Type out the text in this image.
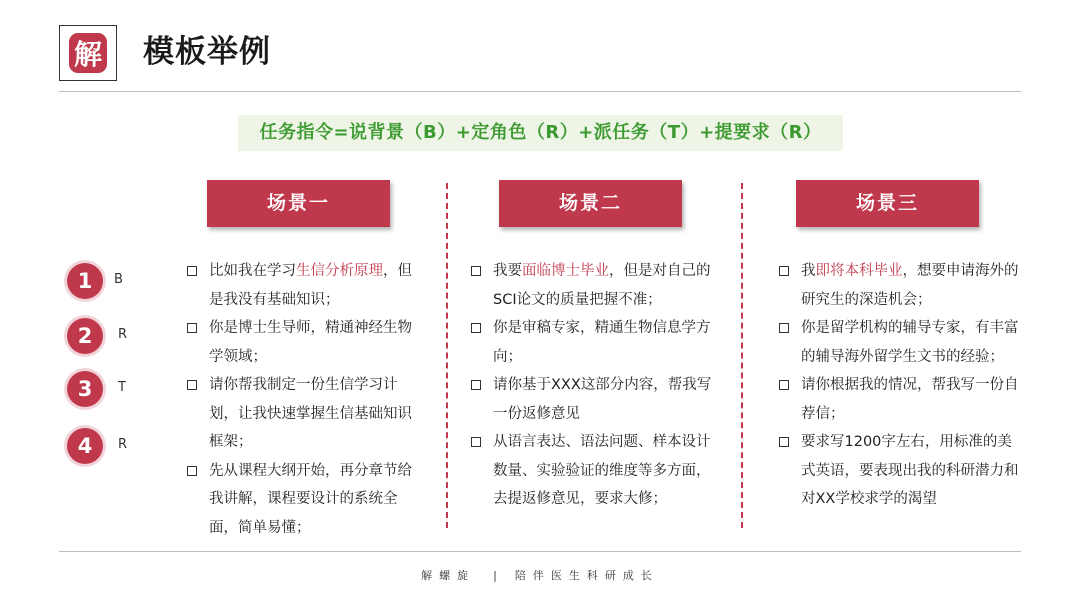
解 模板举例
任务指令=说背景（B）+定角色（R）+派任务（T）+提要求（R）
场景一	场景二	场景三
1	B
2	R
3	T
4	R
比如我在学习生信分析原理，但是我没有基础知识；
你是博士生导师，精通神经生物学领域；
请你帮我制定一份生信学习计划，让我快速掌握生信基础知识框架；
先从课程大纲开始，再分章节给我讲解，课程要设计的系统全面，简单易懂；
我要面临博士毕业，但是对自己的SCI论文的质量把握不准；
你是审稿专家，精通生物信息学方向；
请你基于XXX这部分内容，帮我写一份返修意见
从语言表达、语法问题、样本设计数量、实验验证的维度等多方面，去提返修意见，要求大修；
我即将本科毕业，想要申请海外的研究生的深造机会；
你是留学机构的辅导专家，有丰富的辅导海外留学生文书的经验；
请你根据我的情况，帮我写一份自荐信；
要求写1200字左右，用标准的美式英语，要表现出我的科研潜力和对XX学校求学的渴望
解螺旋 | 陪伴医生科研成长
